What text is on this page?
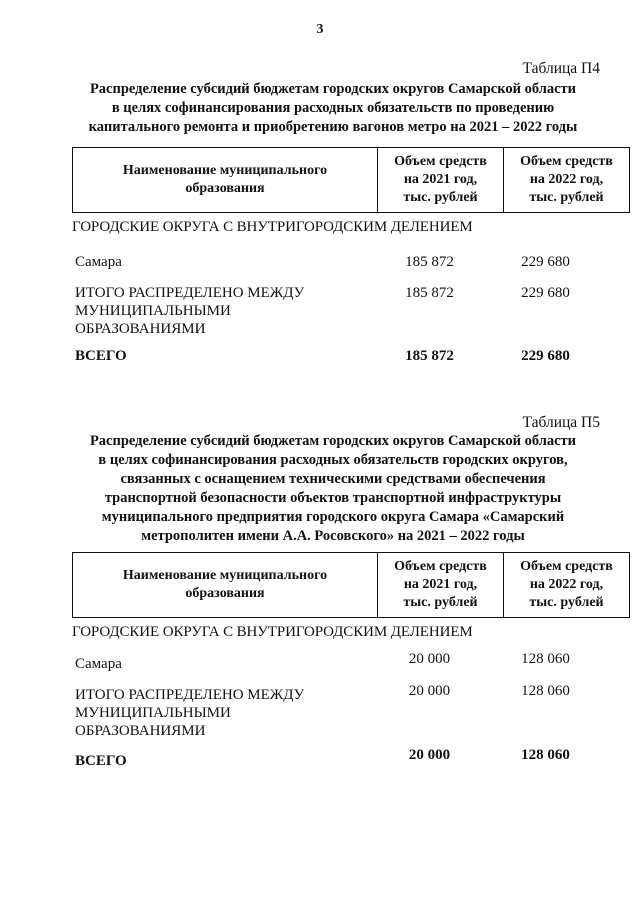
3
Таблица П4
Распределение субсидий бюджетам городских округов Самарской области
в целях софинансирования расходных обязательств по проведению
капитального ремонта и приобретению вагонов метро на 2021 – 2022 годы
Наименование муниципального
образования

Объем средств
на 2021 год,
тыс. рублей

Объем средств
на 2022 год,
тыс. рублей
ГОРОДСКИЕ ОКРУГА С ВНУТРИГОРОДСКИМ ДЕЛЕНИЕМ
Самара	185 872	229 680
ИТОГО РАСПРЕДЕЛЕНО МЕЖДУ
МУНИЦИПАЛЬНЫМИ
ОБРАЗОВАНИЯМИ
185 872	229 680
ВСЕГО	185 872	229 680
Таблица П5
Распределение субсидий бюджетам городских округов Самарской области
в целях софинансирования расходных обязательств городских округов,
связанных с оснащением техническими средствами обеспечения
транспортной безопасности объектов транспортной инфраструктуры
муниципального предприятия городского округа Самара «Самарский
метрополитен имени А.А. Росовского» на 2021 – 2022 годы
Наименование муниципального
образования

Объем средств
на 2021 год,
тыс. рублей

Объем средств
на 2022 год,
тыс. рублей
ГОРОДСКИЕ ОКРУГА С ВНУТРИГОРОДСКИМ ДЕЛЕНИЕМ
Самара	20 000	128 060
ИТОГО РАСПРЕДЕЛЕНО МЕЖДУ
МУНИЦИПАЛЬНЫМИ
ОБРАЗОВАНИЯМИ
20 000	128 060
ВСЕГО	20 000	128 060
